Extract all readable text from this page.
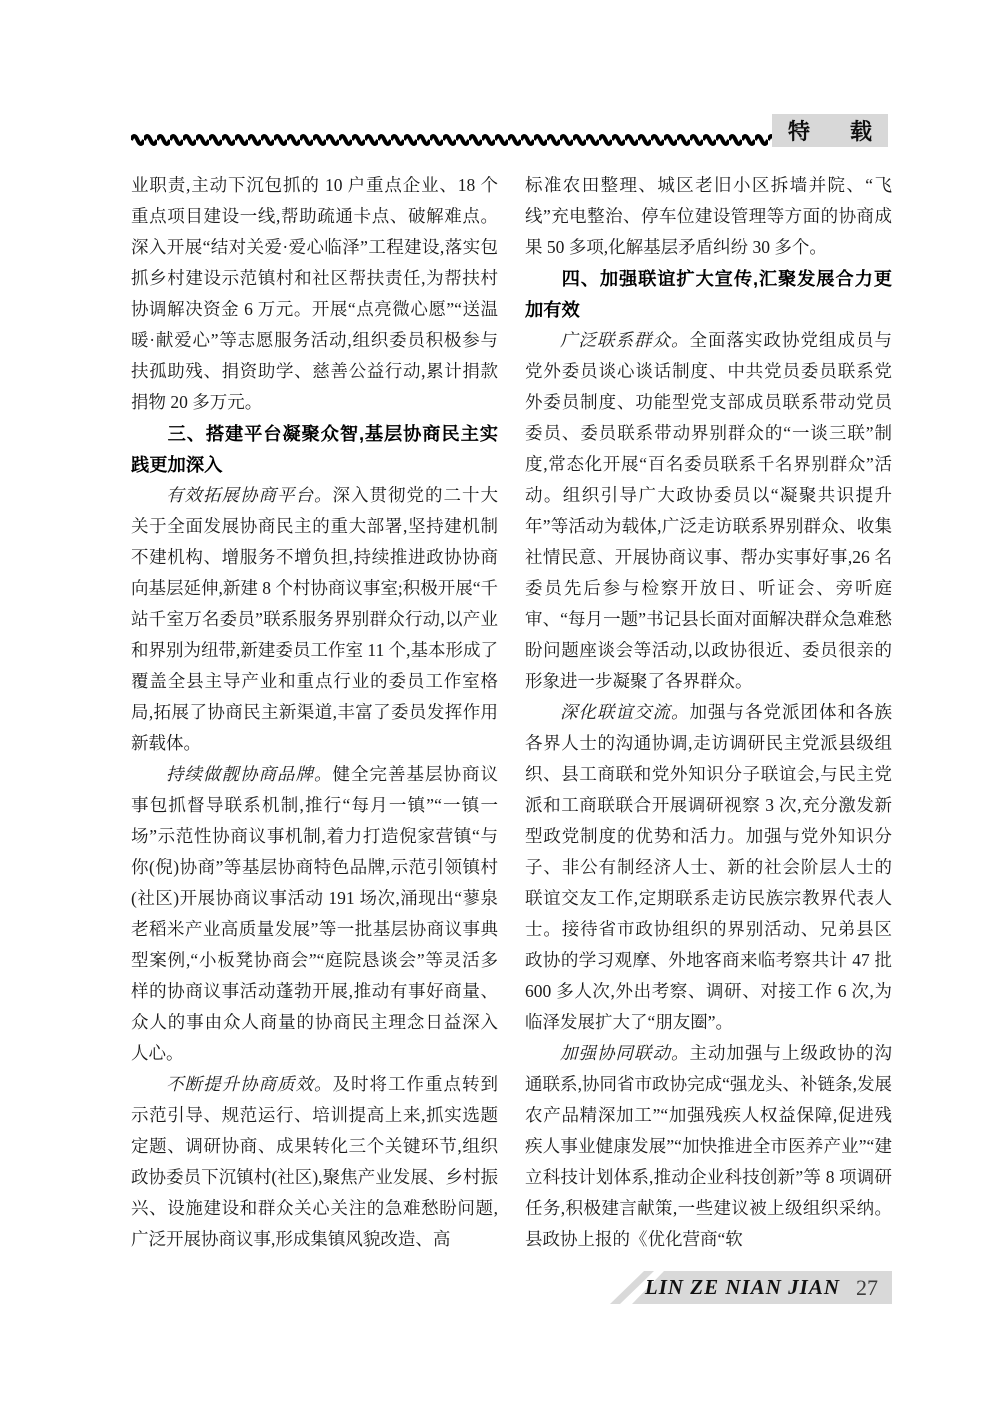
特　载

业职责,主动下沉包抓的 10 户重点企业、18 个重点项目建设一线,帮助疏通卡点、破解难点。深入开展“结对关爱·爱心临泽”工程建设,落实包抓乡村建设示范镇村和社区帮扶责任,为帮扶村协调解决资金 6 万元。开展“点亮微心愿”“送温暖·献爱心”等志愿服务活动,组织委员积极参与扶孤助残、捐资助学、慈善公益行动,累计捐款捐物 20 多万元。

三、搭建平台凝聚众智,基层协商民主实践更加深入

有效拓展协商平台。深入贯彻党的二十大关于全面发展协商民主的重大部署,坚持建机制不建机构、增服务不增负担,持续推进政协协商向基层延伸,新建 8 个村协商议事室;积极开展“千站千室万名委员”联系服务界别群众行动,以产业和界别为纽带,新建委员工作室 11 个,基本形成了覆盖全县主导产业和重点行业的委员工作室格局,拓展了协商民主新渠道,丰富了委员发挥作用新载体。

持续做靓协商品牌。健全完善基层协商议事包抓督导联系机制,推行“每月一镇”“一镇一场”示范性协商议事机制,着力打造倪家营镇“与你(倪)协商”等基层协商特色品牌,示范引领镇村(社区)开展协商议事活动 191 场次,涌现出“蓼泉老稻米产业高质量发展”等一批基层协商议事典型案例,“小板凳协商会”“庭院恳谈会”等灵活多样的协商议事活动蓬勃开展,推动有事好商量、众人的事由众人商量的协商民主理念日益深入人心。

不断提升协商质效。及时将工作重点转到示范引导、规范运行、培训提高上来,抓实选题定题、调研协商、成果转化三个关键环节,组织政协委员下沉镇村(社区),聚焦产业发展、乡村振兴、设施建设和群众关心关注的急难愁盼问题,广泛开展协商议事,形成集镇风貌改造、高

标准农田整理、城区老旧小区拆墙并院、“飞线”充电整治、停车位建设管理等方面的协商成果 50 多项,化解基层矛盾纠纷 30 多个。

四、加强联谊扩大宣传,汇聚发展合力更加有效

广泛联系群众。全面落实政协党组成员与党外委员谈心谈话制度、中共党员委员联系党外委员制度、功能型党支部成员联系带动党员委员、委员联系带动界别群众的“一谈三联”制度,常态化开展“百名委员联系千名界别群众”活动。组织引导广大政协委员以“凝聚共识提升年”等活动为载体,广泛走访联系界别群众、收集社情民意、开展协商议事、帮办实事好事,26 名委员先后参与检察开放日、听证会、旁听庭审、“每月一题”书记县长面对面解决群众急难愁盼问题座谈会等活动,以政协很近、委员很亲的形象进一步凝聚了各界群众。

深化联谊交流。加强与各党派团体和各族各界人士的沟通协调,走访调研民主党派县级组织、县工商联和党外知识分子联谊会,与民主党派和工商联联合开展调研视察 3 次,充分激发新型政党制度的优势和活力。加强与党外知识分子、非公有制经济人士、新的社会阶层人士的联谊交友工作,定期联系走访民族宗教界代表人士。接待省市政协组织的界别活动、兄弟县区政协的学习观摩、外地客商来临考察共计 47 批 600 多人次,外出考察、调研、对接工作 6 次,为临泽发展扩大了“朋友圈”。

加强协同联动。主动加强与上级政协的沟通联系,协同省市政协完成“强龙头、补链条,发展农产品精深加工”“加强残疾人权益保障,促进残疾人事业健康发展”“加快推进全市医养产业”“建立科技计划体系,推动企业科技创新”等 8 项调研任务,积极建言献策,一些建议被上级组织采纳。县政协上报的《优化营商“软

LIN ZE NIAN JIAN 27
